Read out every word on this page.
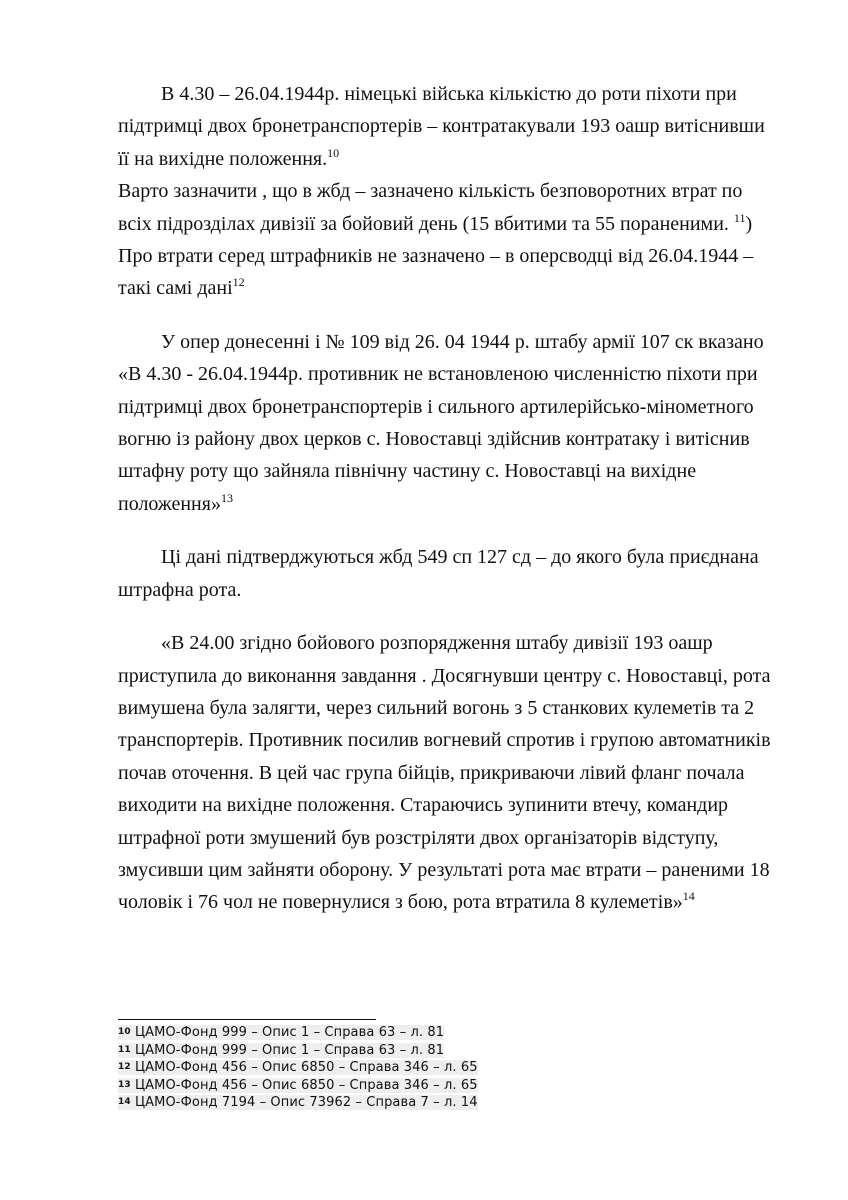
В 4.30 – 26.04.1944р. німецькі війська кількістю до роти піхоти при підтримці двох бронетранспортерів – контратакували 193 оашр витіснивши її на вихідне положення.$^{10}$

Варто зазначити , що в жбд – зазначено кількість безповоротних втрат по всіх підрозділах дивізії за бойовий день (15 вбитими та 55 пораненими. $^{11}$) Про втрати серед штрафників не зазначено – в оперсводці від 26.04.1944 – такі самі дані$^{12}$

У опер донесенні і № 109 від 26. 04 1944 р. штабу армії 107 ск вказано «В 4.30 - 26.04.1944р. противник не встановленою численністю піхоти при підтримці двох бронетранспортерів і сильного артилерійсько-мінометного вогню із району двох церков с. Новоставці здійснив контратаку і витіснив штафну роту що зайняла північну частину с. Новоставці на вихідне положення»$^{13}$

Ці дані підтверджуються жбд 549 сп 127 сд – до якого була приєднана штрафна рота.

«В 24.00 згідно бойового розпорядження штабу дивізії 193 оашр приступила до виконання завдання . Досягнувши центру с. Новоставці, рота вимушена була залягти, через сильний вогонь з 5 станкових кулеметів та 2 транспортерів. Противник посилив вогневий спротив і групою автоматників почав оточення. В цей час група бійців, прикриваючи лівий фланг почала виходити на вихідне положення. Стараючись зупинити втечу, командир штрафної роти змушений був розстріляти двох організаторів відступу, змусивши цим зайняти оборону. У результаті рота має втрати – раненими 18 чоловік і 76 чол не повернулися з бою, рота втратила 8 кулеметів»$^{14}$

10 ЦАМО-Фонд 999 – Опис 1 – Справа 63 – л. 81
11 ЦАМО-Фонд 999 – Опис 1 – Справа 63 – л. 81
12 ЦАМО-Фонд 456 – Опис 6850 – Справа 346 – л. 65
13 ЦАМО-Фонд 456 – Опис 6850 – Справа 346 – л. 65
14 ЦАМО-Фонд 7194 – Опис 73962 – Справа 7 – л. 14
